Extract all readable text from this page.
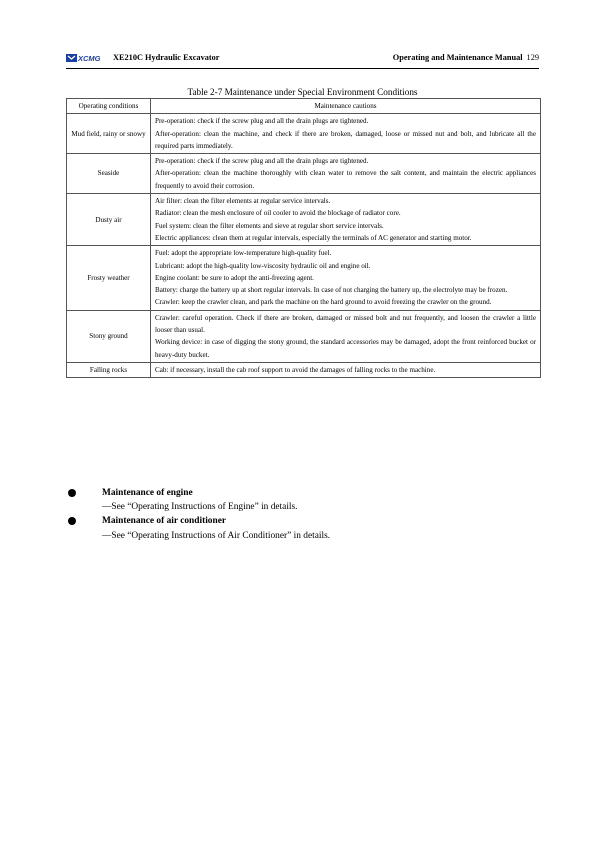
XCMG XE210C Hydraulic Excavator	Operating and Maintenance Manual 129
Table 2-7 Maintenance under Special Environment Conditions
Operating conditions	Maintenance cautions
Mud field, rainy or snowy	Pre-operation: check if the screw plug and all the drain plugs are tightened.

After-operation: clean the machine, and check if there are broken, damaged, loose or missed nut and bolt, and lubricate all the required parts immediately.

Seaside	Pre-operation: check if the screw plug and all the drain plugs are tightened.

After-operation: clean the machine thoroughly with clean water to remove the salt content, and maintain the electric appliances frequently to avoid their corrosion.

Dusty air	Air filter: clean the filter elements at regular service intervals.

Radiator: clean the mesh enclosure of oil cooler to avoid the blockage of radiator core.

Fuel system: clean the filter elements and sieve at regular short service intervals.

Electric appliances: clean them at regular intervals, especially the terminals of AC generator and starting motor.

Frosty weather	Fuel: adopt the appropriate low-temperature high-quality fuel.

Lubricant: adopt the high-quality low-viscosity hydraulic oil and engine oil.

Engine coolant: be sure to adopt the anti-freezing agent.

Battery: charge the battery up at short regular intervals. In case of not charging the battery up, the electrolyte may be frozen.

Crawler: keep the crawler clean, and park the machine on the hard ground to avoid freezing the crawler on the ground.

Stony ground	Crawler: careful operation. Check if there are broken, damaged or missed bolt and nut frequently, and loosen the crawler a little looser than usual.

Working device: in case of digging the stony ground, the standard accessories may be damaged, adopt the front reinforced bucket or heavy-duty bucket.

Falling rocks	Cab: if necessary, install the cab roof support to avoid the damages of falling rocks to the machine.

Maintenance of engine
―See “Operating Instructions of Engine” in details.
Maintenance of air conditioner
―See “Operating Instructions of Air Conditioner” in details.
